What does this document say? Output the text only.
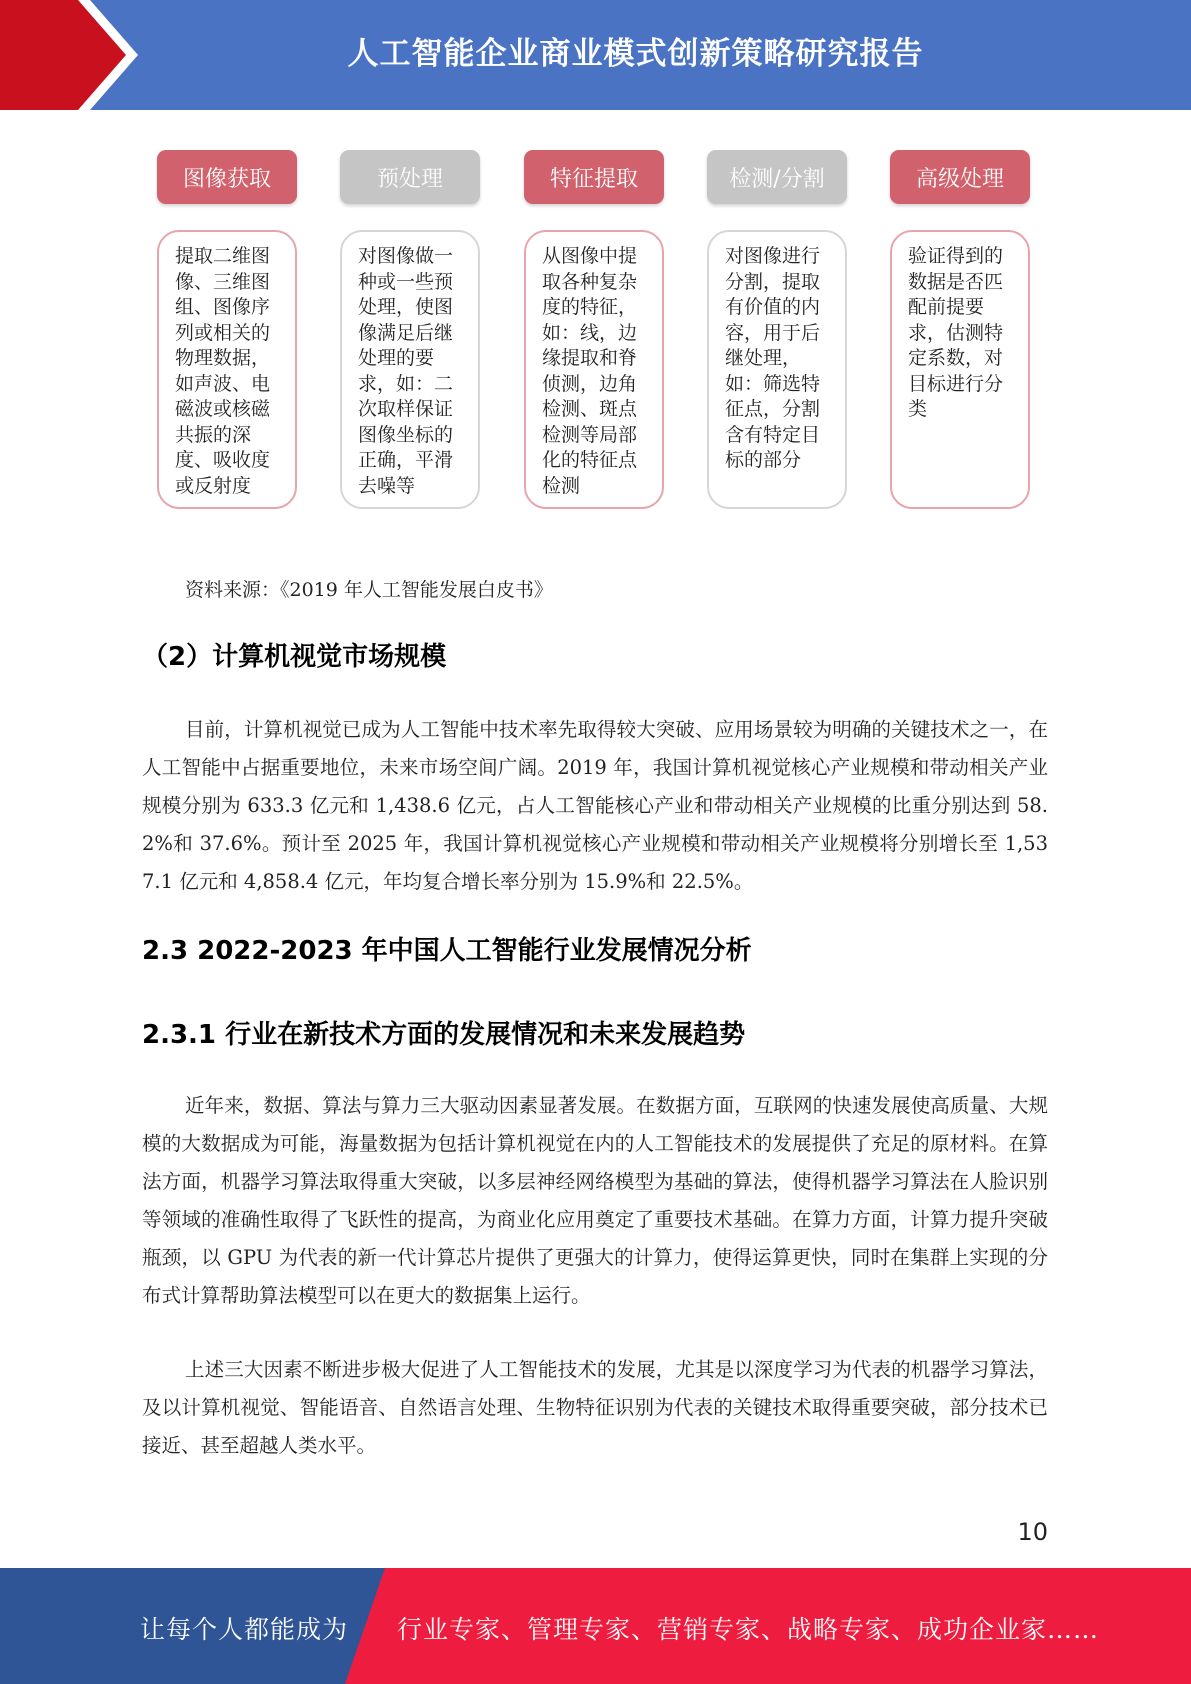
人工智能企业商业模式创新策略研究报告
图像获取	预处理	特征提取	检测/分割	高级处理
提取二维图像、三维图组、图像序列或相关的物理数据，如声波、电磁波或核磁共振的深度、吸收度或反射度
对图像做一种或一些预处理，使图像满足后继处理的要求，如：二次取样保证图像坐标的正确，平滑去噪等
从图像中提取各种复杂度的特征，如：线，边缘提取和脊侦测，边角检测、斑点检测等局部化的特征点检测
对图像进行分割，提取有价值的内容，用于后继处理，如：筛选特征点，分割含有特定目标的部分
验证得到的数据是否匹配前提要求，估测特定系数，对目标进行分类
资料来源：《2019 年人工智能发展白皮书》
（2）计算机视觉市场规模
目前，计算机视觉已成为人工智能中技术率先取得较大突破、应用场景较为明确的关键技术之一，在人工智能中占据重要地位，未来市场空间广阔。2019 年，我国计算机视觉核心产业规模和带动相关产业规模分别为 633.3 亿元和 1,438.6 亿元，占人工智能核心产业和带动相关产业规模的比重分别达到 58.2%和 37.6%。预计至 2025 年，我国计算机视觉核心产业规模和带动相关产业规模将分别增长至 1,537.1 亿元和 4,858.4 亿元，年均复合增长率分别为 15.9%和 22.5%。
2.3 2022-2023 年中国人工智能行业发展情况分析
2.3.1 行业在新技术方面的发展情况和未来发展趋势
近年来，数据、算法与算力三大驱动因素显著发展。在数据方面，互联网的快速发展使高质量、大规模的大数据成为可能，海量数据为包括计算机视觉在内的人工智能技术的发展提供了充足的原材料。在算法方面，机器学习算法取得重大突破，以多层神经网络模型为基础的算法，使得机器学习算法在人脸识别等领域的准确性取得了飞跃性的提高，为商业化应用奠定了重要技术基础。在算力方面，计算力提升突破瓶颈，以 GPU 为代表的新一代计算芯片提供了更强大的计算力，使得运算更快，同时在集群上实现的分布式计算帮助算法模型可以在更大的数据集上运行。
上述三大因素不断进步极大促进了人工智能技术的发展，尤其是以深度学习为代表的机器学习算法，及以计算机视觉、智能语音、自然语言处理、生物特征识别为代表的关键技术取得重要突破，部分技术已接近、甚至超越人类水平。
10
让每个人都能成为 行业专家、管理专家、营销专家、战略专家、成功企业家……
